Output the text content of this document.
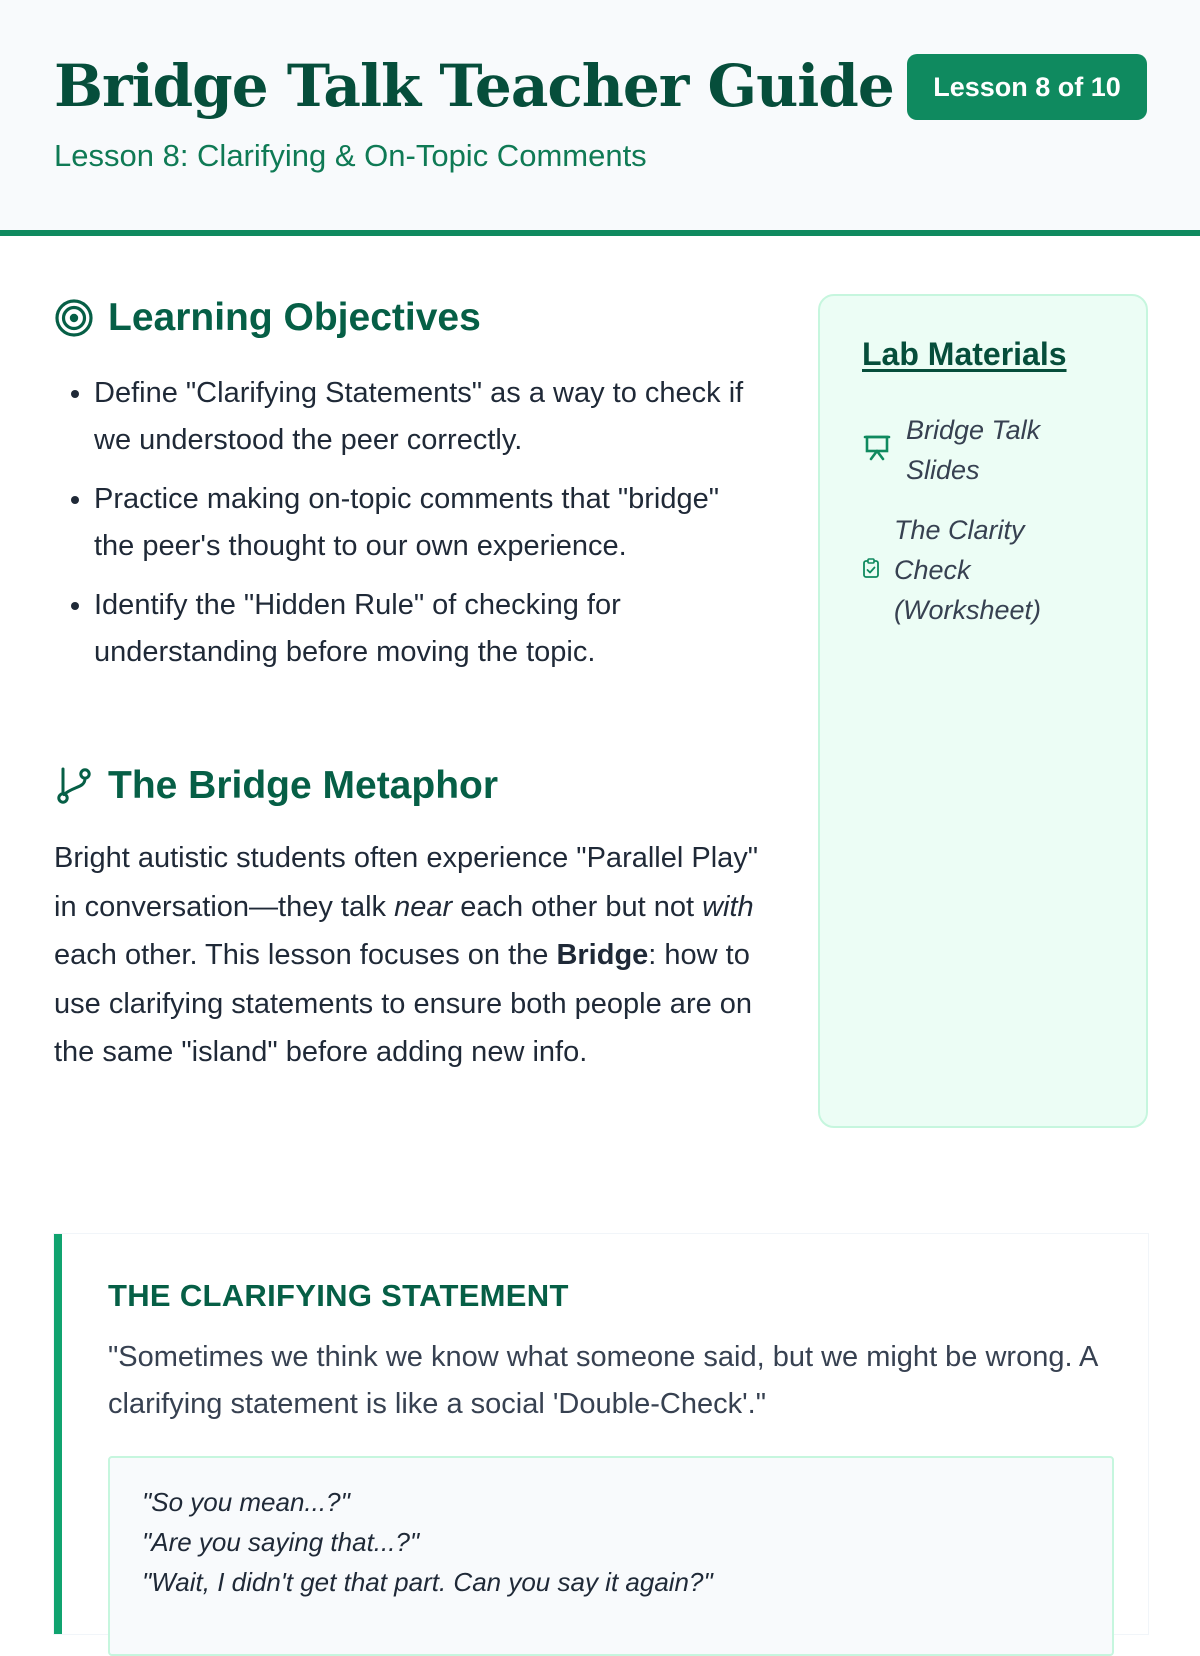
Bridge Talk Teacher Guide
Lesson 8: Clarifying & On-Topic Comments
Lesson 8 of 10
Learning Objectives
• Define "Clarifying Statements" as a way to check if we understood the peer correctly.
• Practice making on-topic comments that "bridge" the peer's thought to our own experience.
• Identify the "Hidden Rule" of checking for understanding before moving the topic.
The Bridge Metaphor

Bright autistic students often experience "Parallel Play" in conversation—they talk near each other but not with each other. This lesson focuses on the Bridge: how to use clarifying statements to ensure both people are on the same "island" before adding new info.

Lab Materials
Bridge Talk Slides
The Clarity Check (Worksheet)
THE CLARIFYING STATEMENT

"Sometimes we think we know what someone said, but we might be wrong. A clarifying statement is like a social 'Double-Check'."

"So you mean...?"
"Are you saying that...?"
"Wait, I didn't get that part. Can you say it again?"
